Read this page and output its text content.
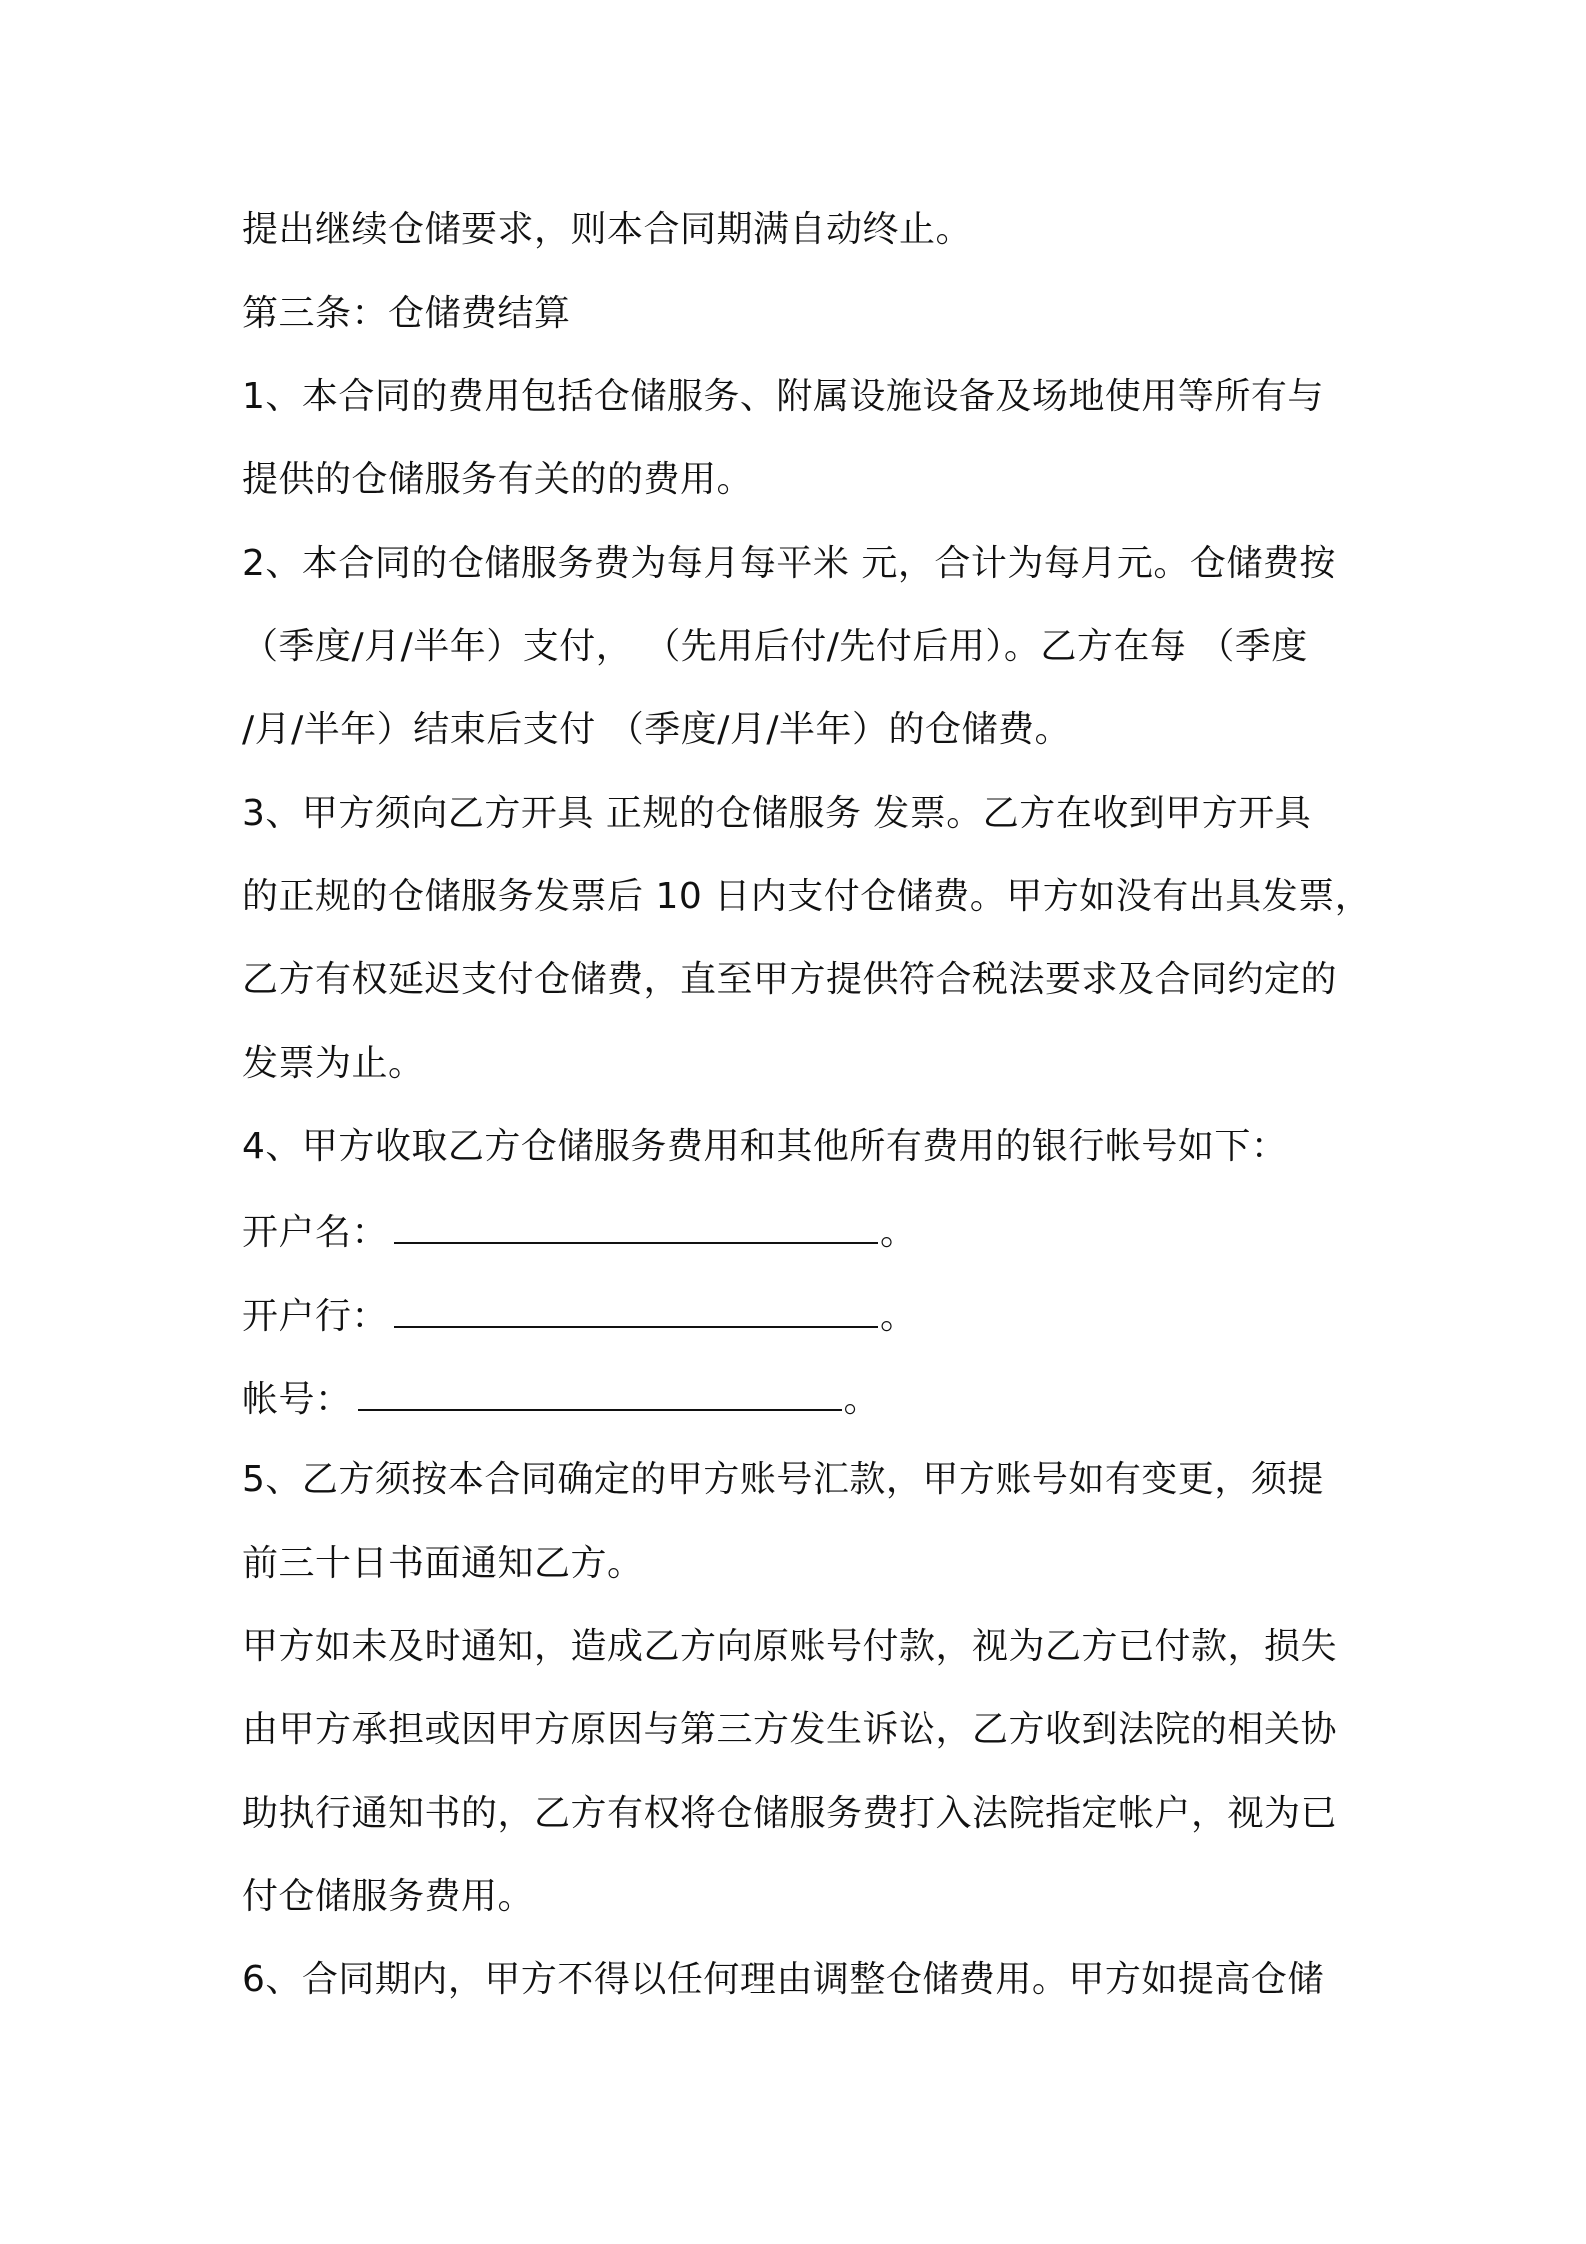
提出继续仓储要求，则本合同期满自动终止。
第三条：仓储费结算
1、本合同的费用包括仓储服务、附属设施设备及场地使用等所有与
提供的仓储服务有关的的费用。
2、本合同的仓储服务费为每月每平米 元，合计为每月元。仓储费按
（季度/月/半年）支付， （先用后付/先付后用）。乙方在每 （季度
/月/半年）结束后支付 （季度/月/半年）的仓储费。
3、甲方须向乙方开具 正规的仓储服务 发票。乙方在收到甲方开具
的正规的仓储服务发票后 10 日内支付仓储费。甲方如没有出具发票，
乙方有权延迟支付仓储费，直至甲方提供符合税法要求及合同约定的
发票为止。
4、甲方收取乙方仓储服务费用和其他所有费用的银行帐号如下：
开户名：	。
开户行：	。
帐号：	。
5、乙方须按本合同确定的甲方账号汇款，甲方账号如有变更，须提
前三十日书面通知乙方。
甲方如未及时通知，造成乙方向原账号付款，视为乙方已付款，损失
由甲方承担或因甲方原因与第三方发生诉讼，乙方收到法院的相关协
助执行通知书的，乙方有权将仓储服务费打入法院指定帐户，视为已
付仓储服务费用。
6、合同期内，甲方不得以任何理由调整仓储费用。甲方如提高仓储
